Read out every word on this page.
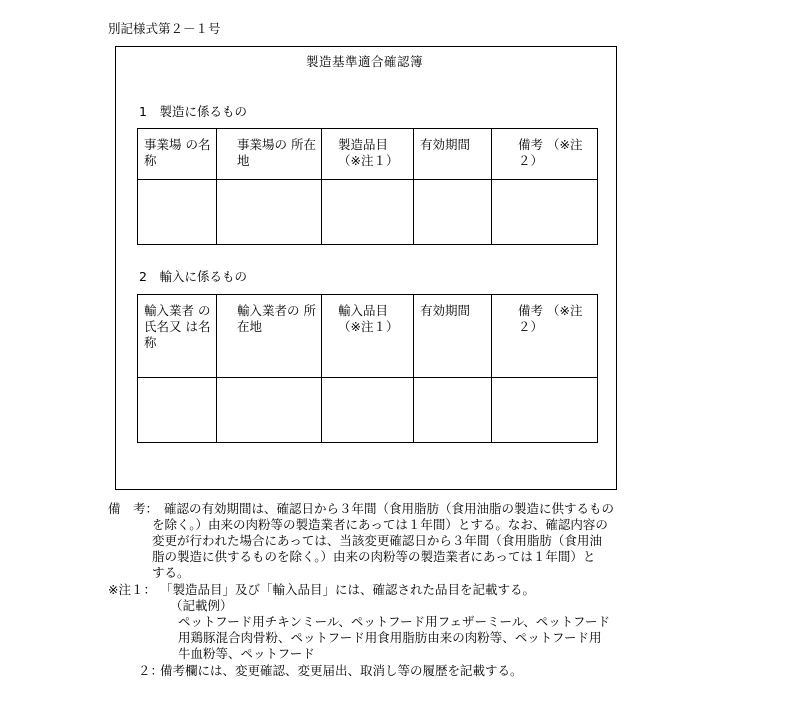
別記様式第２－１号
製造基準適合確認簿
1　製造に係るもの
事業場 の名称	事業場の 所在地	製造品目 （※注１）	有効期間	備考 （※注２）

2　輸入に係るもの
輸入業者 の氏名又 は名称	輸入業者の 所在地	輸入品目 （※注１）	有効期間	備考 （※注２）

備　考： 確認の有効期間は、確認日から３年間（食用脂肪（食用油脂の製造に供するもの
を除く。）由来の肉粉等の製造業者にあっては１年間）とする。なお、確認内容の
変更が行われた場合にあっては、当該変更確認日から３年間（食用脂肪（食用油
脂の製造に供するものを除く。）由来の肉粉等の製造業者にあっては１年間）と
する。
※注１： 「製造品目」及び「輸入品目」には、確認された品目を記載する。
（記載例）
ペットフード用チキンミール、ペットフード用フェザーミール、ペットフード
用鶏豚混合肉骨粉、ペットフード用食用脂肪由来の肉粉等、ペットフード用
牛血粉等、ペットフード
２：
備考欄には、変更確認、変更届出、取消し等の履歴を記載する。
